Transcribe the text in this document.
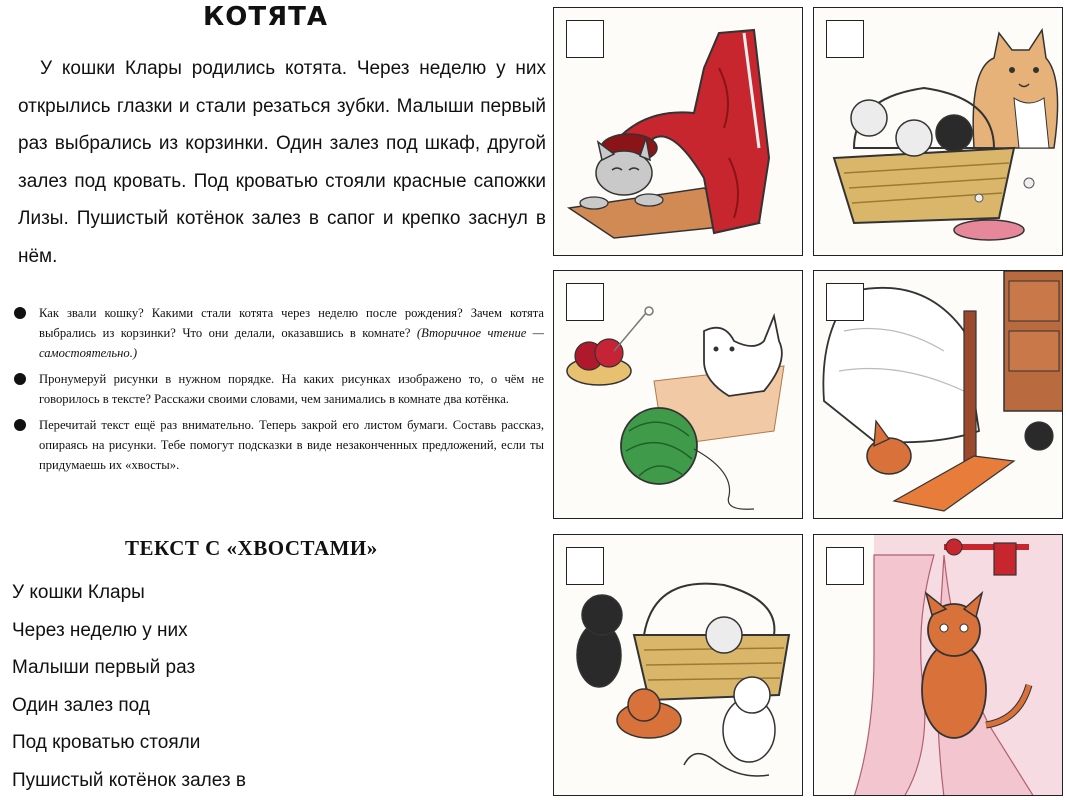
КОТЯТА

У кошки Клары родились котята. Через неделю у них открылись глазки и стали резаться зубки. Малыши первый раз выбрались из корзинки. Один залез под шкаф, другой залез под кровать. Под кроватью стояли красные сапожки Лизы. Пушистый котёнок залез в сапог и крепко заснул в нём.

Как звали кошку? Какими стали котята через неделю после рождения? Зачем котята выбрались из корзинки? Что они делали, оказавшись в комнате? (Вторичное чтение — самостоятельно.)
Пронумеруй рисунки в нужном порядке. На каких рисунках изображено то, о чём не говорилось в тексте? Расскажи своими словами, чем занимались в комнате два котёнка.
Перечитай текст ещё раз внимательно. Теперь закрой его листом бумаги. Составь рассказ, опираясь на рисунки. Тебе помогут подсказки в виде незаконченных предложений, если ты придумаешь их «хвосты».
ТЕКСТ С «ХВОСТАМИ»
У кошки Клары
Через неделю у них
Малыши первый раз
Один залез под
Под кроватью стояли
Пушистый котёнок залез в
